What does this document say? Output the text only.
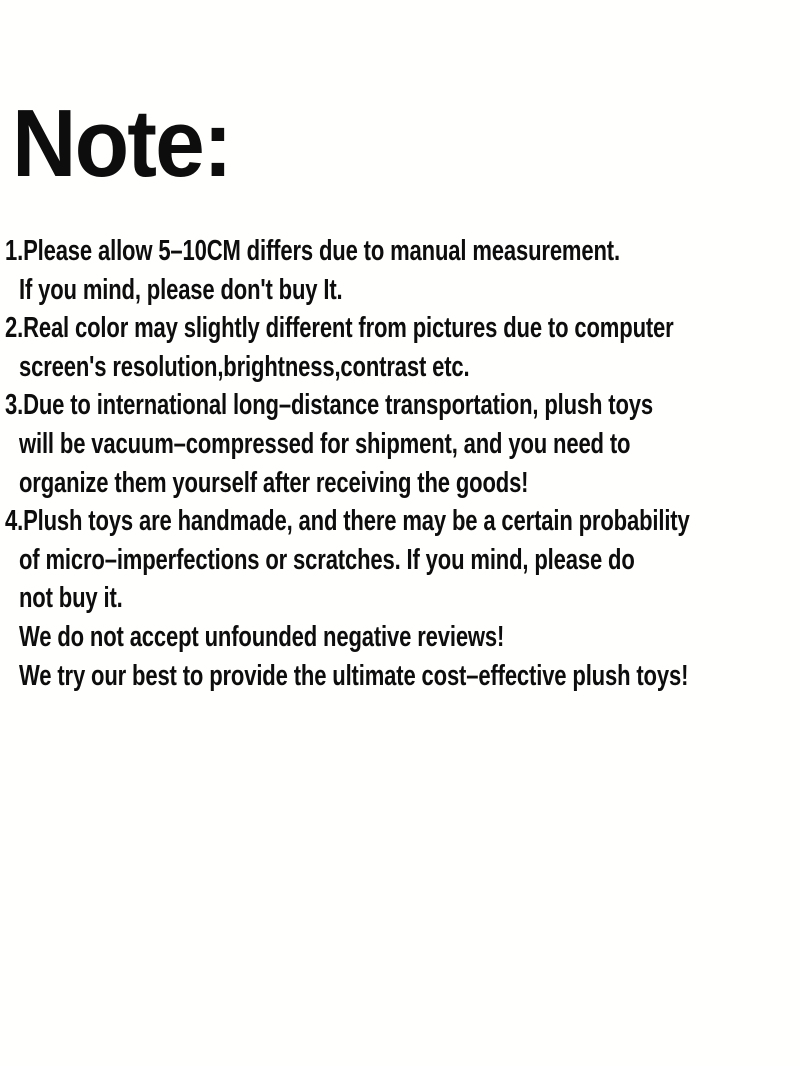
Note:
1.Please allow 5–10CM differs due to manual measurement.
If you mind, please don't buy It.
2.Real color may slightly different from pictures due to computer
screen's resolution,brightness,contrast etc.
3.Due to international long–distance transportation, plush toys
will be vacuum–compressed for shipment, and you need to
organize them yourself after receiving the goods!
4.Plush toys are handmade, and there may be a certain probability
of micro–imperfections or scratches. If you mind, please do
not buy it.
We do not accept unfounded negative reviews!
We try our best to provide the ultimate cost–effective plush toys!
